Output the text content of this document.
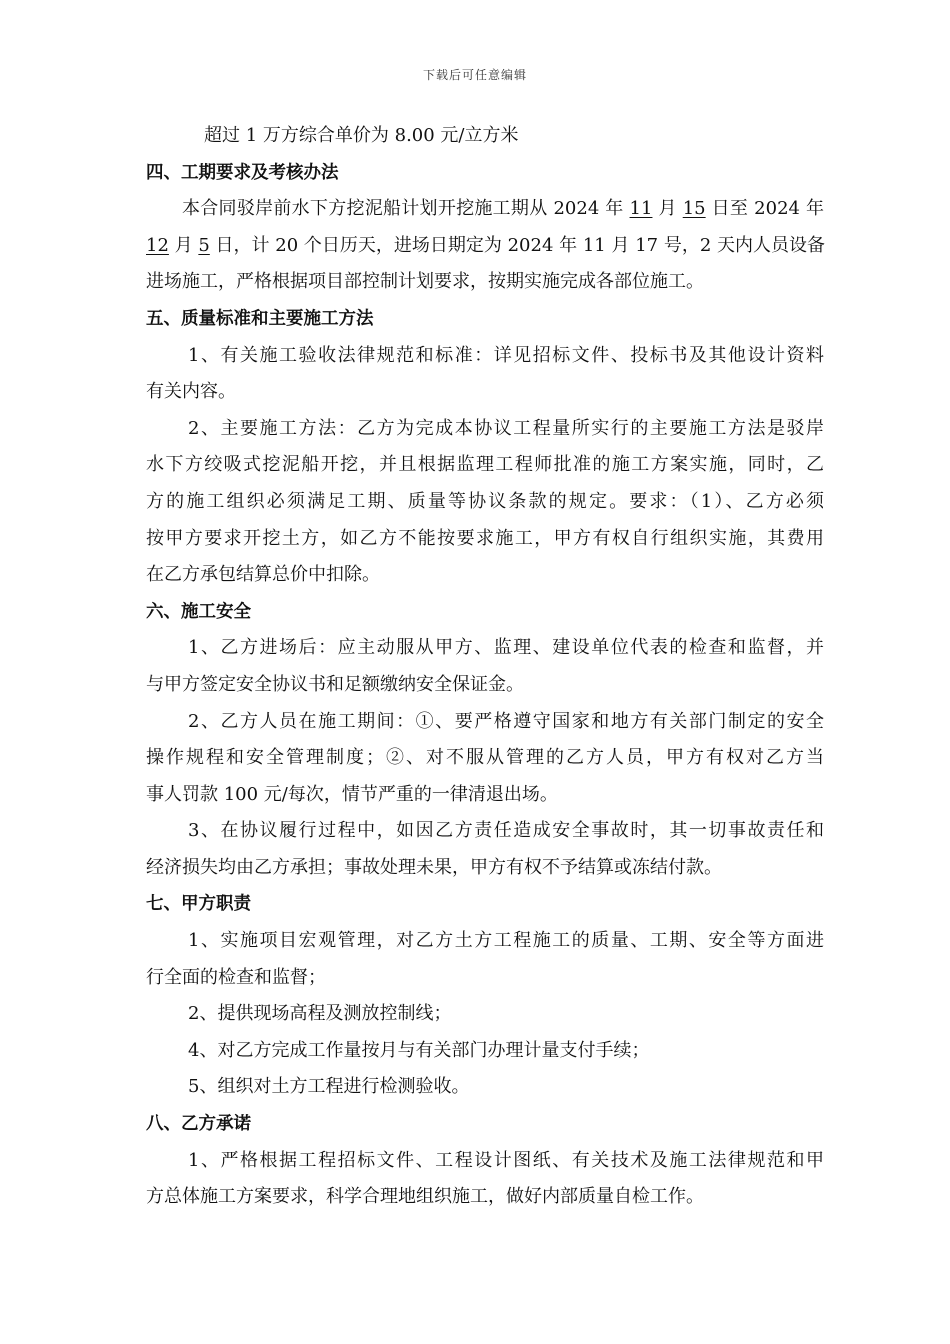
下载后可任意编辑
超过 1 万方综合单价为 8.00 元/立方米
四、工期要求及考核办法
本合同驳岸前水下方挖泥船计划开挖施工期从 2024 年 11 月 15 日至 2024 年
12 月 5 日，计 20 个日历天，进场日期定为 2024 年 11 月 17 号，2 天内人员设备
进场施工，严格根据项目部控制计划要求，按期实施完成各部位施工。
五、质量标准和主要施工方法
1、有关施工验收法律规范和标准：详见招标文件、投标书及其他设计资料
有关内容。
2、主要施工方法：乙方为完成本协议工程量所实行的主要施工方法是驳岸
水下方绞吸式挖泥船开挖，并且根据监理工程师批准的施工方案实施，同时，乙
方的施工组织必须满足工期、质量等协议条款的规定。要求：（1）、乙方必须
按甲方要求开挖土方，如乙方不能按要求施工，甲方有权自行组织实施，其费用
在乙方承包结算总价中扣除。
六、施工安全
1、乙方进场后：应主动服从甲方、监理、建设单位代表的检查和监督，并
与甲方签定安全协议书和足额缴纳安全保证金。
2、乙方人员在施工期间：①、要严格遵守国家和地方有关部门制定的安全
操作规程和安全管理制度；②、对不服从管理的乙方人员，甲方有权对乙方当
事人罚款 100 元/每次，情节严重的一律清退出场。
3、在协议履行过程中，如因乙方责任造成安全事故时，其一切事故责任和
经济损失均由乙方承担；事故处理未果，甲方有权不予结算或冻结付款。
七、甲方职责
1、实施项目宏观管理，对乙方土方工程施工的质量、工期、安全等方面进
行全面的检查和监督；
2、提供现场高程及测放控制线；
4、对乙方完成工作量按月与有关部门办理计量支付手续；
5、组织对土方工程进行检测验收。
八、乙方承诺
1、严格根据工程招标文件、工程设计图纸、有关技术及施工法律规范和甲
方总体施工方案要求，科学合理地组织施工，做好内部质量自检工作。
